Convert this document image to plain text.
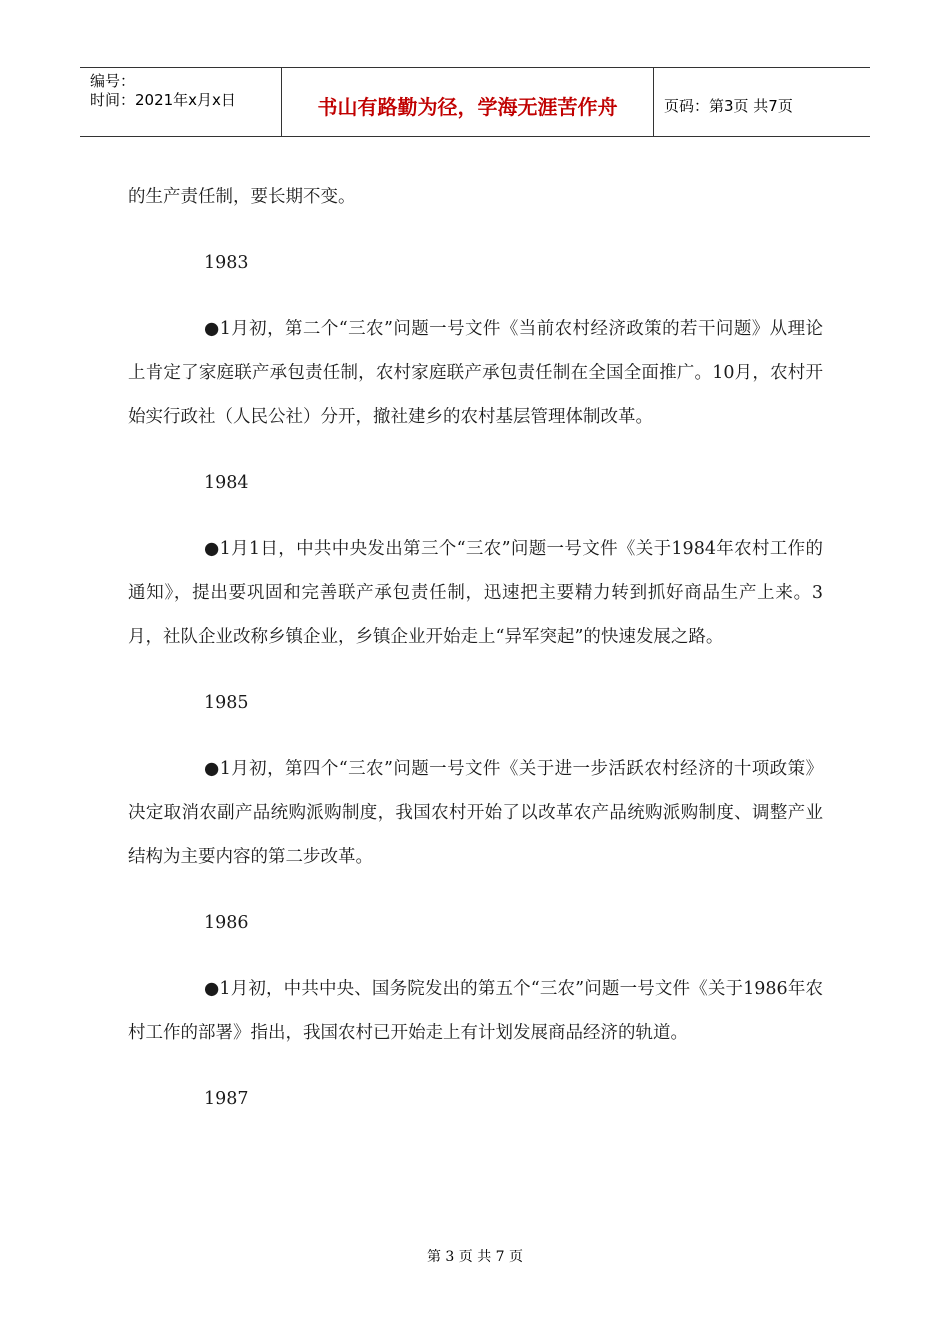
编号：
时间：2021年x月x日	书山有路勤为径，学海无涯苦作舟	页码：第3页 共7页

的生产责任制，要长期不变。

1983

●1月初，第二个“三农”问题一号文件《当前农村经济政策的若干问题》从理论上肯定了家庭联产承包责任制，农村家庭联产承包责任制在全国全面推广。10月，农村开始实行政社（人民公社）分开，撤社建乡的农村基层管理体制改革。

1984

●1月1日，中共中央发出第三个“三农”问题一号文件《关于1984年农村工作的通知》，提出要巩固和完善联产承包责任制，迅速把主要精力转到抓好商品生产上来。3月，社队企业改称乡镇企业，乡镇企业开始走上“异军突起”的快速发展之路。

1985

●1月初，第四个“三农”问题一号文件《关于进一步活跃农村经济的十项政策》决定取消农副产品统购派购制度，我国农村开始了以改革农产品统购派购制度、调整产业结构为主要内容的第二步改革。

1986

●1月初，中共中央、国务院发出的第五个“三农”问题一号文件《关于1986年农村工作的部署》指出，我国农村已开始走上有计划发展商品经济的轨道。

1987

第 3 页 共 7 页
